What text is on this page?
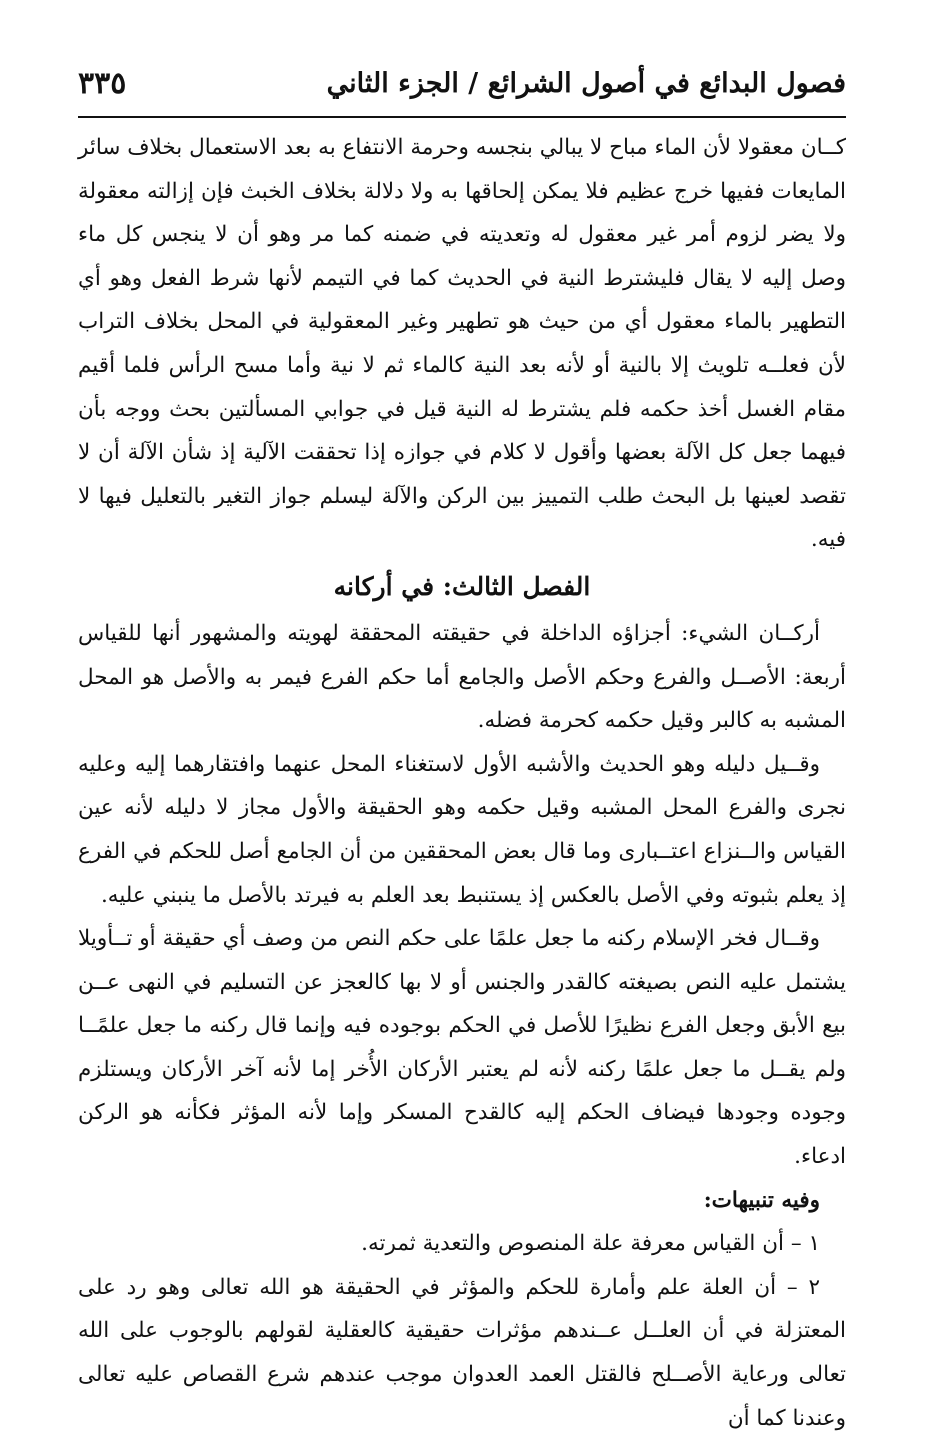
فصول البدائع في أصول الشرائع / الجزء الثاني
٣٣٥

كــان معقولا لأن الماء مباح لا يبالي بنجسه وحرمة الانتفاع به بعد الاستعمال بخلاف سائر المايعات ففيها خرج عظيم فلا يمكن إلحاقها به ولا دلالة بخلاف الخبث فإن إزالته معقولة ولا يضر لزوم أمر غير معقول له وتعديته في ضمنه كما مر وهو أن لا ينجس كل ماء وصل إليه لا يقال فليشترط النية في الحديث كما في التيمم لأنها شرط الفعل وهو أي التطهير بالماء معقول أي من حيث هو تطهير وغير المعقولية في المحل بخلاف التراب لأن فعلــه تلويث إلا بالنية أو لأنه بعد النية كالماء ثم لا نية وأما مسح الرأس فلما أقيم مقام الغسل أخذ حكمه فلم يشترط له النية قيل في جوابي المسألتين بحث ووجه بأن فيهما جعل كل الآلة بعضها وأقول لا كلام في جوازه إذا تحققت الآلية إذ شأن الآلة أن لا تقصد لعينها بل البحث طلب التمييز بين الركن والآلة ليسلم جواز التغير بالتعليل فيها لا فيه.

الفصل الثالث: في أركانه

أركــان الشيء: أجزاؤه الداخلة في حقيقته المحققة لهويته والمشهور أنها للقياس أربعة: الأصــل والفرع وحكم الأصل والجامع أما حكم الفرع فيمر به والأصل هو المحل المشبه به كالبر وقيل حكمه كحرمة فضله.

وقــيل دليله وهو الحديث والأشبه الأول لاستغناء المحل عنهما وافتقارهما إليه وعليه نجرى والفرع المحل المشبه وقيل حكمه وهو الحقيقة والأول مجاز لا دليله لأنه عين القياس والــنزاع اعتــبارى وما قال بعض المحققين من أن الجامع أصل للحكم في الفرع إذ يعلم بثبوته وفي الأصل بالعكس إذ يستنبط بعد العلم به فيرتد بالأصل ما ينبني عليه.

وقــال فخر الإسلام ركنه ما جعل علمًا على حكم النص من وصف أي حقيقة أو تــأويلا يشتمل عليه النص بصيغته كالقدر والجنس أو لا بها كالعجز عن التسليم في النهى عــن بيع الأبق وجعل الفرع نظيرًا للأصل في الحكم بوجوده فيه وإنما قال ركنه ما جعل علمًــا ولم يقــل ما جعل علمًا ركنه لأنه لم يعتبر الأركان الأُخر إما لأنه آخر الأركان ويستلزم وجوده وجودها فيضاف الحكم إليه كالقدح المسكر وإما لأنه المؤثر فكأنه هو الركن ادعاء.

وفيه تنبيهات:

١ – أن القياس معرفة علة المنصوص والتعدية ثمرته.

٢ – أن العلة علم وأمارة للحكم والمؤثر في الحقيقة هو الله تعالى وهو رد على المعتزلة في أن العلــل عــندهم مؤثرات حقيقية كالعقلية لقولهم بالوجوب على الله تعالى ورعاية الأصــلح فالقتل العمد العدوان موجب عندهم شرع القصاص عليه تعالى وعندنا كما أن
